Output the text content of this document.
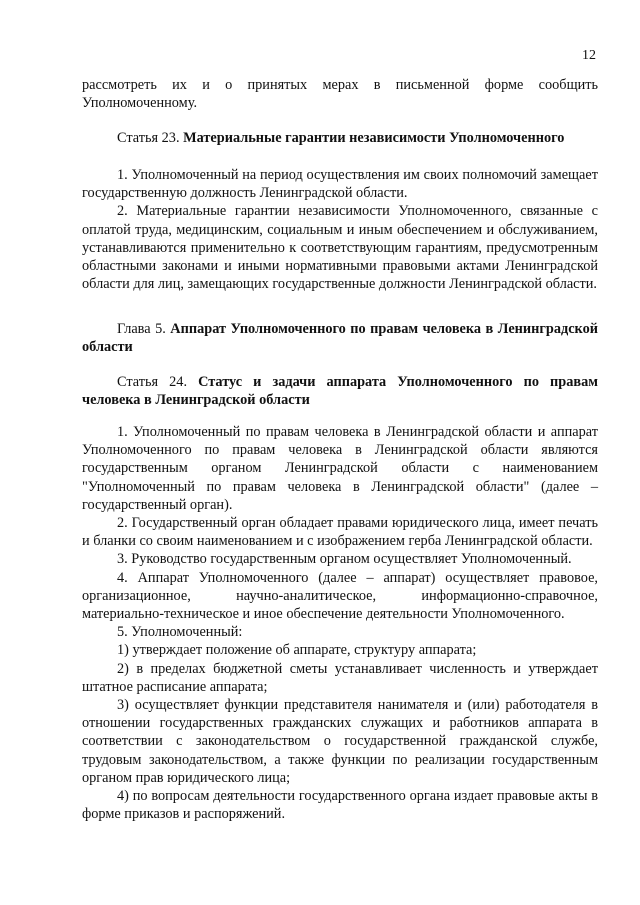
12

рассмотреть их и о принятых мерах в письменной форме сообщить Уполномоченному.

Статья 23. Материальные гарантии независимости Уполномоченного

1. Уполномоченный на период осуществления им своих полномочий замещает государственную должность Ленинградской области.

2. Материальные гарантии независимости Уполномоченного, связанные с оплатой труда, медицинским, социальным и иным обеспечением и обслуживанием, устанавливаются применительно к соответствующим гарантиям, предусмотренным областными законами и иными нормативными правовыми актами Ленинградской области для лиц, замещающих государственные должности Ленинградской области.

Глава 5. Аппарат Уполномоченного по правам человека в Ленинградской области

Статья 24. Статус и задачи аппарата Уполномоченного по правам человека в Ленинградской области

1. Уполномоченный по правам человека в Ленинградской области и аппарат Уполномоченного по правам человека в Ленинградской области являются государственным органом Ленинградской области с наименованием "Уполномоченный по правам человека в Ленинградской области" (далее – государственный орган).

2. Государственный орган обладает правами юридического лица, имеет печать и бланки со своим наименованием и с изображением герба Ленинградской области.

3. Руководство государственным органом осуществляет Уполномоченный.

4. Аппарат Уполномоченного (далее – аппарат) осуществляет правовое, организационное, научно-аналитическое, информационно-справочное, материально-техническое и иное обеспечение деятельности Уполномоченного.

5. Уполномоченный:

1) утверждает положение об аппарате, структуру аппарата;

2) в пределах бюджетной сметы устанавливает численность и утверждает штатное расписание аппарата;

3) осуществляет функции представителя нанимателя и (или) работодателя в отношении государственных гражданских служащих и работников аппарата в соответствии с законодательством о государственной гражданской службе, трудовым законодательством, а также функции по реализации государственным органом прав юридического лица;

4) по вопросам деятельности государственного органа издает правовые акты в форме приказов и распоряжений.
